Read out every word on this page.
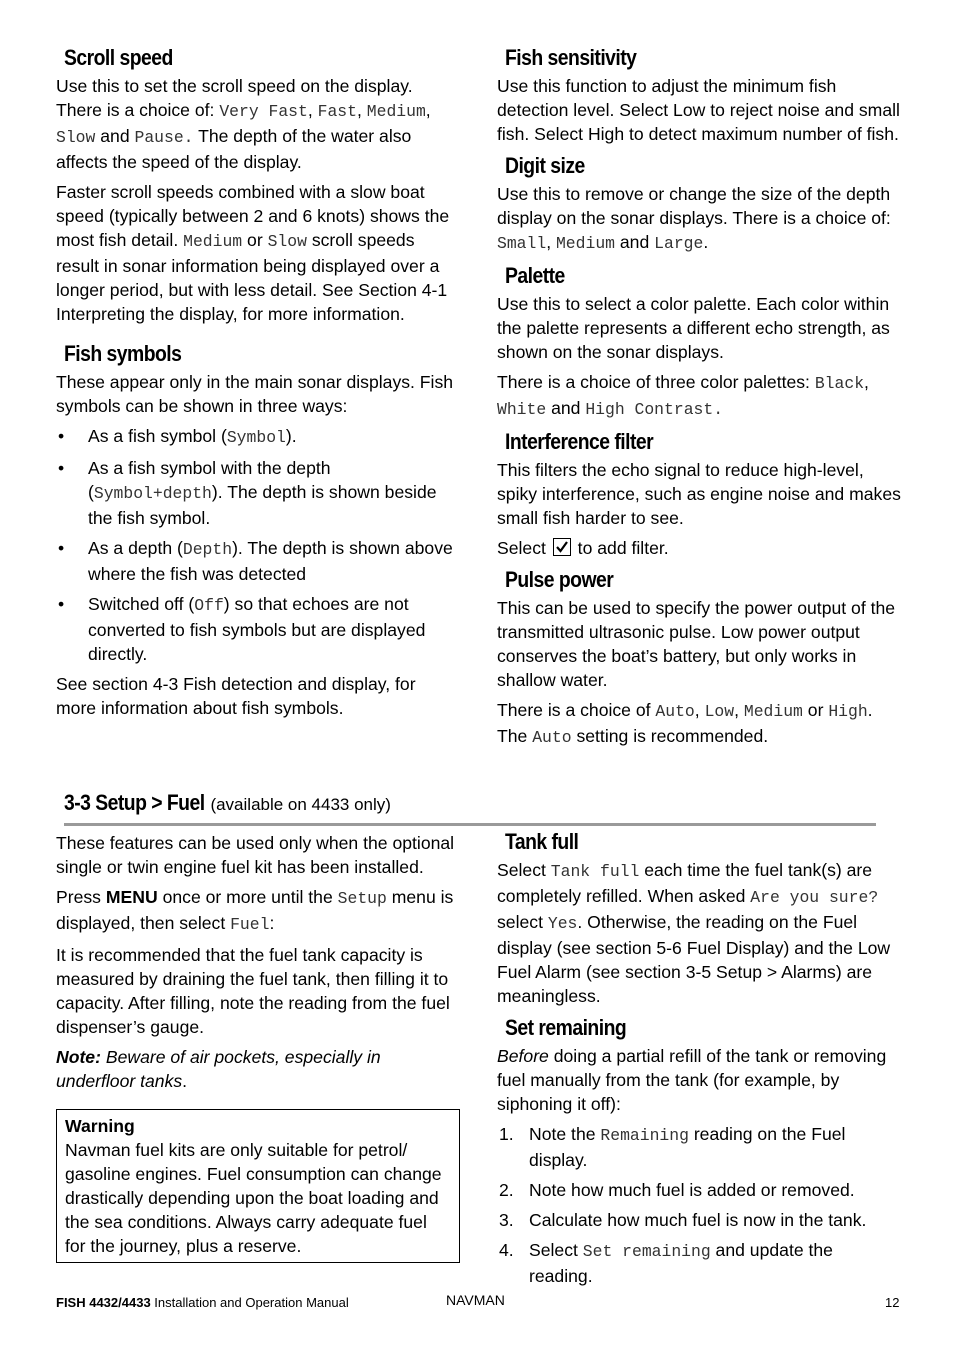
Scroll speed

Use this to set the scroll speed on the display. There is a choice of: Very Fast, Fast, Medium, Slow and Pause. The depth of the water also affects the speed of the display.

Faster scroll speeds combined with a slow boat speed (typically between 2 and 6 knots) shows the most fish detail. Medium or Slow scroll speeds result in sonar information being displayed over a longer period, but with less detail. See Section 4-1 Interpreting the display, for more information.

Fish symbols

These appear only in the main sonar displays. Fish symbols can be shown in three ways:

• As a fish symbol (Symbol).
• As a fish symbol with the depth (Symbol+depth). The depth is shown beside the fish symbol.
• As a depth (Depth). The depth is shown above where the fish was detected
• Switched off (Off) so that echoes are not converted to fish symbols but are displayed directly.

See section 4-3 Fish detection and display, for more information about fish symbols.

Fish sensitivity

Use this function to adjust the minimum fish detection level. Select Low to reject noise and small fish. Select High to detect maximum number of fish.

Digit size

Use this to remove or change the size of the depth display on the sonar displays. There is a choice of: Small, Medium and Large.

Palette

Use this to select a color palette. Each color within the palette represents a different echo strength, as shown on the sonar displays.

There is a choice of three color palettes: Black, White and High Contrast.

Interference filter

This filters the echo signal to reduce high-level, spiky interference, such as engine noise and makes small fish harder to see.

Select
to add filter.

Pulse power

This can be used to specify the power output of the transmitted ultrasonic pulse. Low power output conserves the boat’s battery, but only works in shallow water.

There is a choice of Auto, Low, Medium or High. The Auto setting is recommended.

3-3 Setup > Fuel (available on 4433 only)

These features can be used only when the optional single or twin engine fuel kit has been installed.

Press MENU once or more until the Setup menu is displayed, then select Fuel:

It is recommended that the fuel tank capacity is measured by draining the fuel tank, then filling it to capacity. After filling, note the reading from the fuel dispenser’s gauge.

Note: Beware of air pockets, especially in underfloor tanks.

Warning

Navman fuel kits are only suitable for petrol/ gasoline engines. Fuel consumption can change drastically depending upon the boat loading and the sea conditions. Always carry adequate fuel for the journey, plus a reserve.

Tank full

Select Tank full each time the fuel tank(s) are completely refilled. When asked Are you sure? select Yes. Otherwise, the reading on the Fuel display (see section 5-6 Fuel Display) and the Low Fuel Alarm (see section 3-5 Setup > Alarms) are meaningless.

Set remaining

Before doing a partial refill of the tank or removing fuel manually from the tank (for example, by siphoning it off):

1. Note the Remaining reading on the Fuel display.
2. Note how much fuel is added or removed.
3. Calculate how much fuel is now in the tank.
4. Select Set remaining and update the reading.
FISH 4432/4433 Installation and Operation Manual	NAVMAN	12
